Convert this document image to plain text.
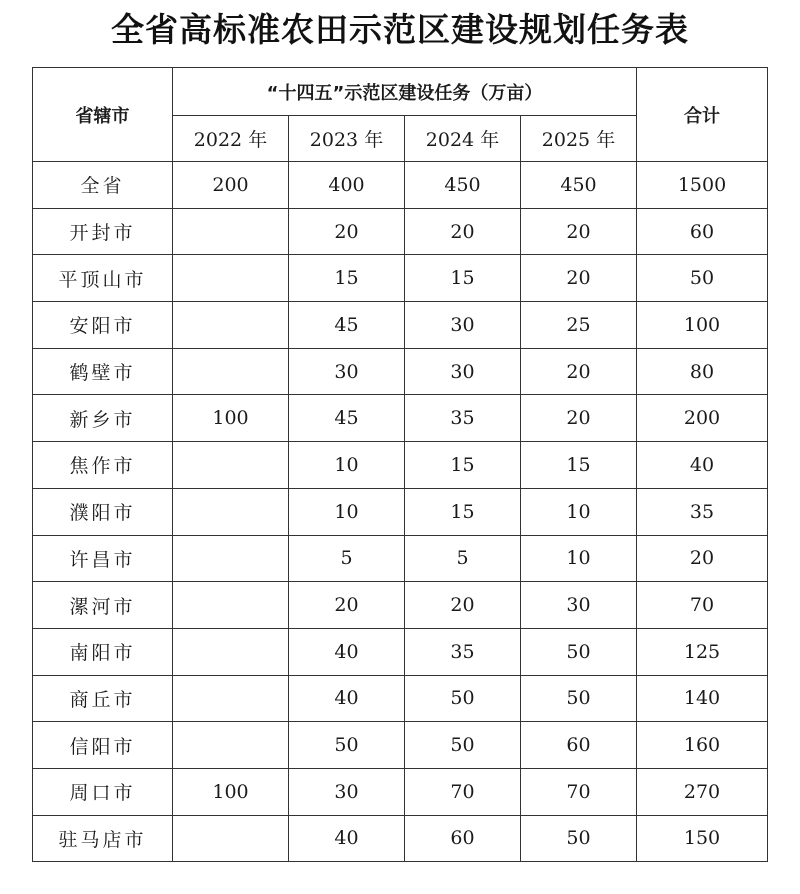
全省高标准农田示范区建设规划任务表
省辖市	“十四五”示范区建设任务（万亩）				合计
	2022 年	2023 年	2024 年	2025 年	
全省	200	400	450	450	1500
开封市		20	20	20	60
平顶山市		15	15	20	50
安阳市		45	30	25	100
鹤壁市		30	30	20	80
新乡市	100	45	35	20	200
焦作市		10	15	15	40
濮阳市		10	15	10	35
许昌市		5	5	10	20
漯河市		20	20	30	70
南阳市		40	35	50	125
商丘市		40	50	50	140
信阳市		50	50	60	160
周口市	100	30	70	70	270
驻马店市		40	60	50	150
